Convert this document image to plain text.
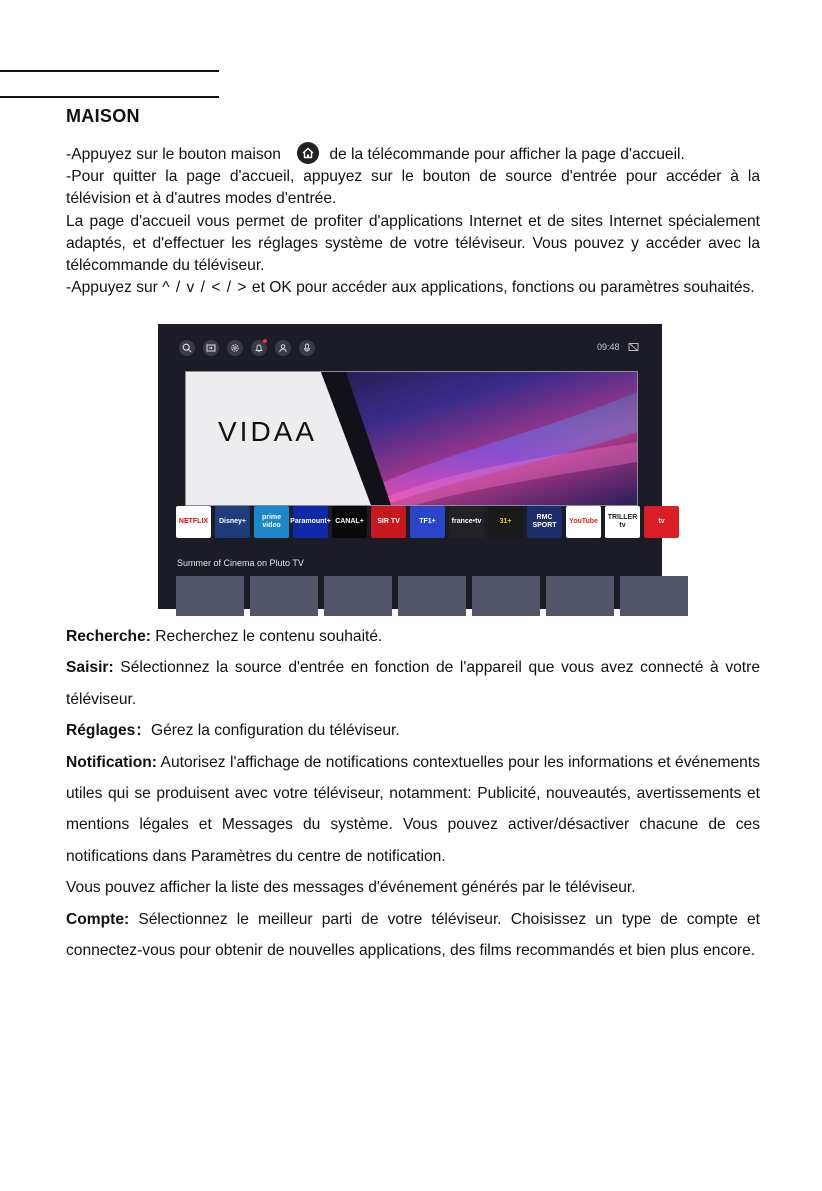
MAISON

-Appuyez sur le bouton maison	de la télécommande pour afficher la page d'accueil.

-Pour quitter la page d'accueil, appuyez sur le bouton de source d'entrée pour accéder à la télévision et à d'autres modes d'entrée.

La page d'accueil vous permet de profiter d'applications Internet et de sites Internet spécialement adaptés, et d'effectuer les réglages système de votre téléviseur. Vous pouvez y accéder avec la télécommande du téléviseur.

-Appuyez sur ^ / v / < / > et OK pour accéder aux applications, fonctions ou paramètres souhaités.

09:48
VIDAA
NETFLIX	Disney+
prime video
Paramount+ CANAL+	SIR TV	TF1+	france•tv	31+
RMC SPORT
YouTube
TRILLER tv
tv
Summer of Cinema on Pluto TV

Recherche: Recherchez le contenu souhaité.

Saisir: Sélectionnez la source d'entrée en fonction de l'appareil que vous avez connecté à votre téléviseur.

Réglages：Gérez la configuration du téléviseur.

Notification: Autorisez l'affichage de notifications contextuelles pour les informations et événements utiles qui se produisent avec votre téléviseur, notamment: Publicité, nouveautés, avertissements et mentions légales et Messages du système. Vous pouvez activer/désactiver chacune de ces notifications dans Paramètres du centre de notification.

Vous pouvez afficher la liste des messages d'événement générés par le téléviseur.

Compte: Sélectionnez le meilleur parti de votre téléviseur. Choisissez un type de compte et connectez-vous pour obtenir de nouvelles applications, des films recommandés et bien plus encore.
